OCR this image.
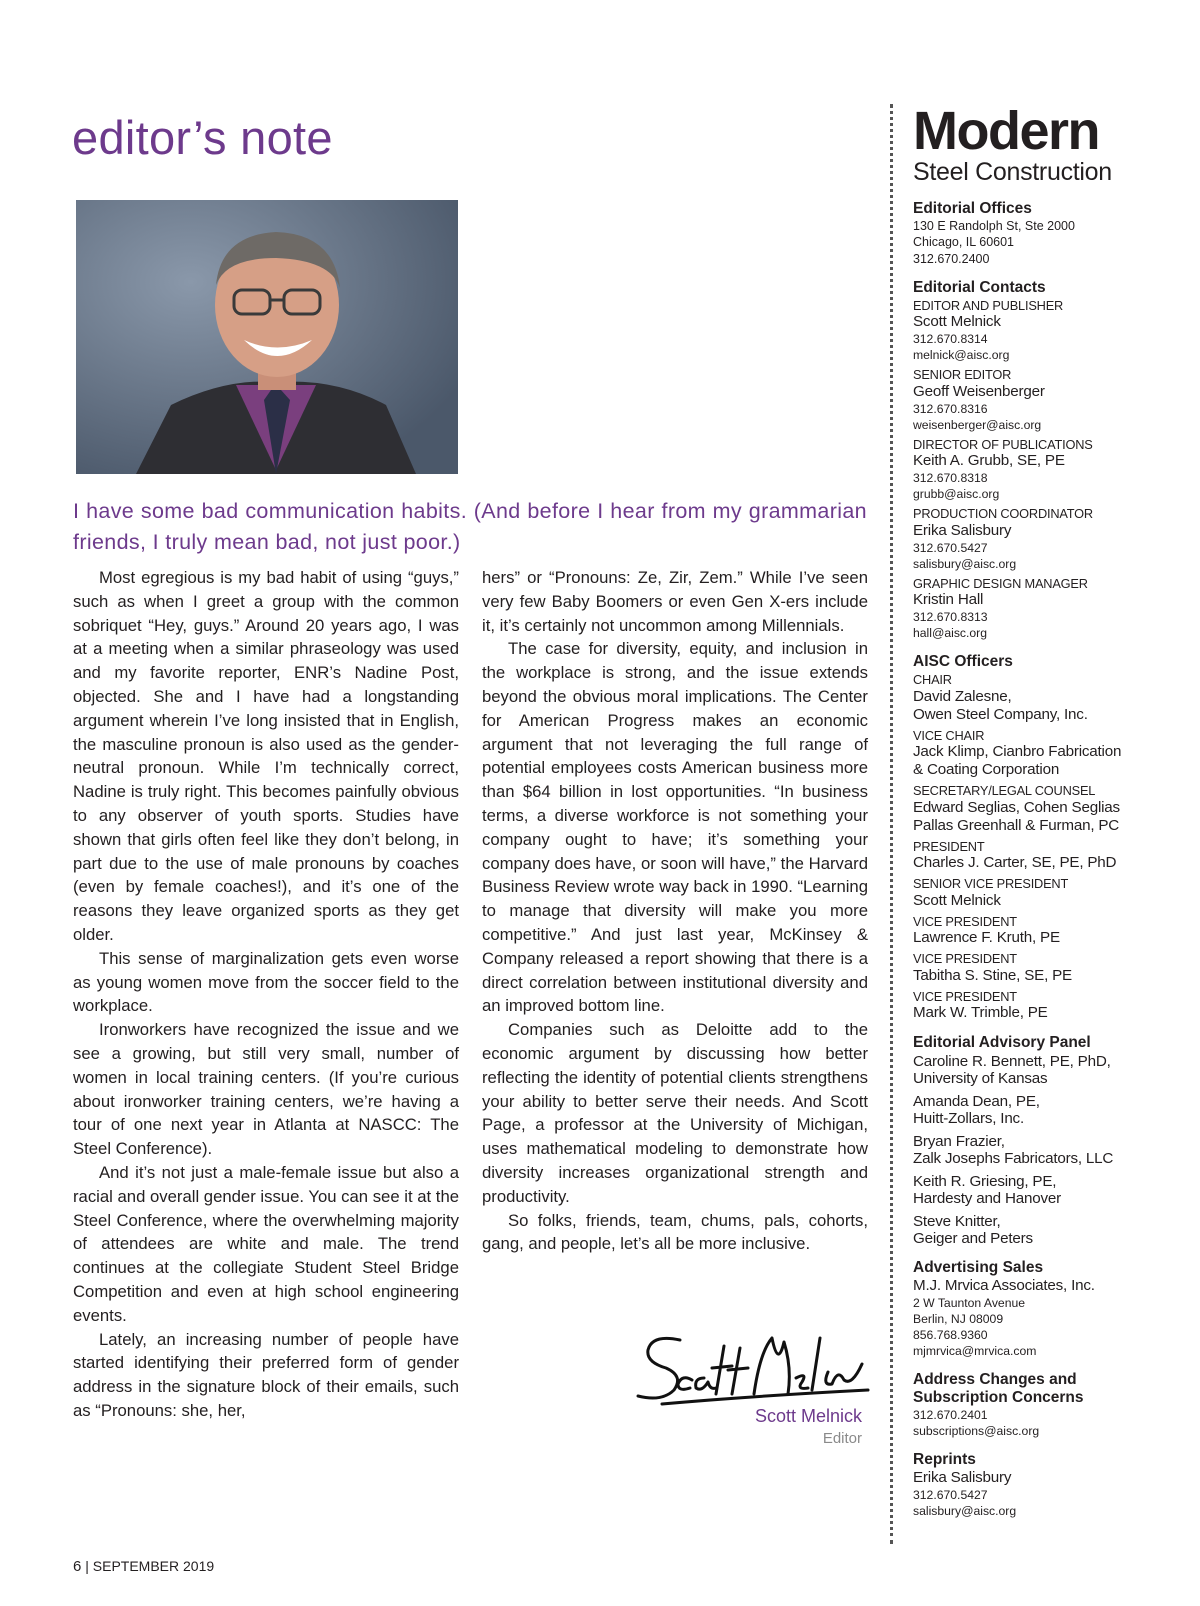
editor’s note

I have some bad communication habits. (And before I hear from my grammarian friends, I truly mean bad, not just poor.)

Most egregious is my bad habit of using “guys,” such as when I greet a group with the common sobriquet “Hey, guys.” Around 20 years ago, I was at a meeting when a similar phraseology was used and my favorite reporter, ENR’s Nadine Post, objected. She and I have had a longstanding argument wherein I’ve long insisted that in English, the masculine pronoun is also used as the gender-neutral pronoun. While I’m technically correct, Nadine is truly right. This becomes painfully obvious to any observer of youth sports. Studies have shown that girls often feel like they don’t belong, in part due to the use of male pronouns by coaches (even by female coaches!), and it’s one of the reasons they leave organized sports as they get older.

This sense of marginalization gets even worse as young women move from the soccer field to the workplace.

Ironworkers have recognized the issue and we see a growing, but still very small, number of women in local training centers. (If you’re curious about ironworker training centers, we’re having a tour of one next year in Atlanta at NASCC: The Steel Conference).

And it’s not just a male-female issue but also a racial and overall gender issue. You can see it at the Steel Conference, where the overwhelming majority of attendees are white and male. The trend continues at the collegiate Student Steel Bridge Competition and even at high school engineering events.

Lately, an increasing number of people have started identifying their preferred form of gender address in the signature block of their emails, such as “Pronouns: she, her,

hers” or “Pronouns: Ze, Zir, Zem.” While I’ve seen very few Baby Boomers or even Gen X-ers include it, it’s certainly not uncommon among Millennials.

The case for diversity, equity, and inclusion in the workplace is strong, and the issue extends beyond the obvious moral implications. The Center for American Progress makes an economic argument that not leveraging the full range of potential employees costs American business more than $64 billion in lost opportunities. “In business terms, a diverse workforce is not something your company ought to have; it’s something your company does have, or soon will have,” the Harvard Business Review wrote way back in 1990. “Learning to manage that diversity will make you more competitive.” And just last year, McKinsey & Company released a report showing that there is a direct correlation between institutional diversity and an improved bottom line.

Companies such as Deloitte add to the economic argument by discussing how better reflecting the identity of potential clients strengthens your ability to better serve their needs. And Scott Page, a professor at the University of Michigan, uses mathematical modeling to demonstrate how diversity increases organizational strength and productivity.

So folks, friends, team, chums, pals, cohorts, gang, and people, let’s all be more inclusive.

Scott Melnick
Editor
6 | SEPTEMBER 2019
Modern
Steel Construction
Editorial Offices
130 E Randolph St, Ste 2000
Chicago, IL 60601
312.670.2400
Editorial Contacts
EDITOR AND PUBLISHER
Scott Melnick
312.670.8314
melnick@aisc.org
SENIOR EDITOR
Geoff Weisenberger
312.670.8316
weisenberger@aisc.org
DIRECTOR OF PUBLICATIONS
Keith A. Grubb, SE, PE
312.670.8318
grubb@aisc.org
PRODUCTION COORDINATOR
Erika Salisbury
312.670.5427
salisbury@aisc.org
GRAPHIC DESIGN MANAGER
Kristin Hall
312.670.8313
hall@aisc.org
AISC Officers
CHAIR
David Zalesne,
Owen Steel Company, Inc.
VICE CHAIR
Jack Klimp, Cianbro Fabrication
& Coating Corporation
SECRETARY/LEGAL COUNSEL
Edward Seglias, Cohen Seglias
Pallas Greenhall & Furman, PC
PRESIDENT
Charles J. Carter, SE, PE, PhD
SENIOR VICE PRESIDENT
Scott Melnick
VICE PRESIDENT
Lawrence F. Kruth, PE
VICE PRESIDENT
Tabitha S. Stine, SE, PE
VICE PRESIDENT
Mark W. Trimble, PE
Editorial Advisory Panel
Caroline R. Bennett, PE, PhD,
University of Kansas
Amanda Dean, PE,
Huitt-Zollars, Inc.
Bryan Frazier,
Zalk Josephs Fabricators, LLC
Keith R. Griesing, PE,
Hardesty and Hanover
Steve Knitter,
Geiger and Peters
Advertising Sales
M.J. Mrvica Associates, Inc.
2 W Taunton Avenue
Berlin, NJ 08009
856.768.9360
mjmrvica@mrvica.com
Address Changes and
Subscription Concerns
312.670.2401
subscriptions@aisc.org
Reprints
Erika Salisbury
312.670.5427
salisbury@aisc.org
